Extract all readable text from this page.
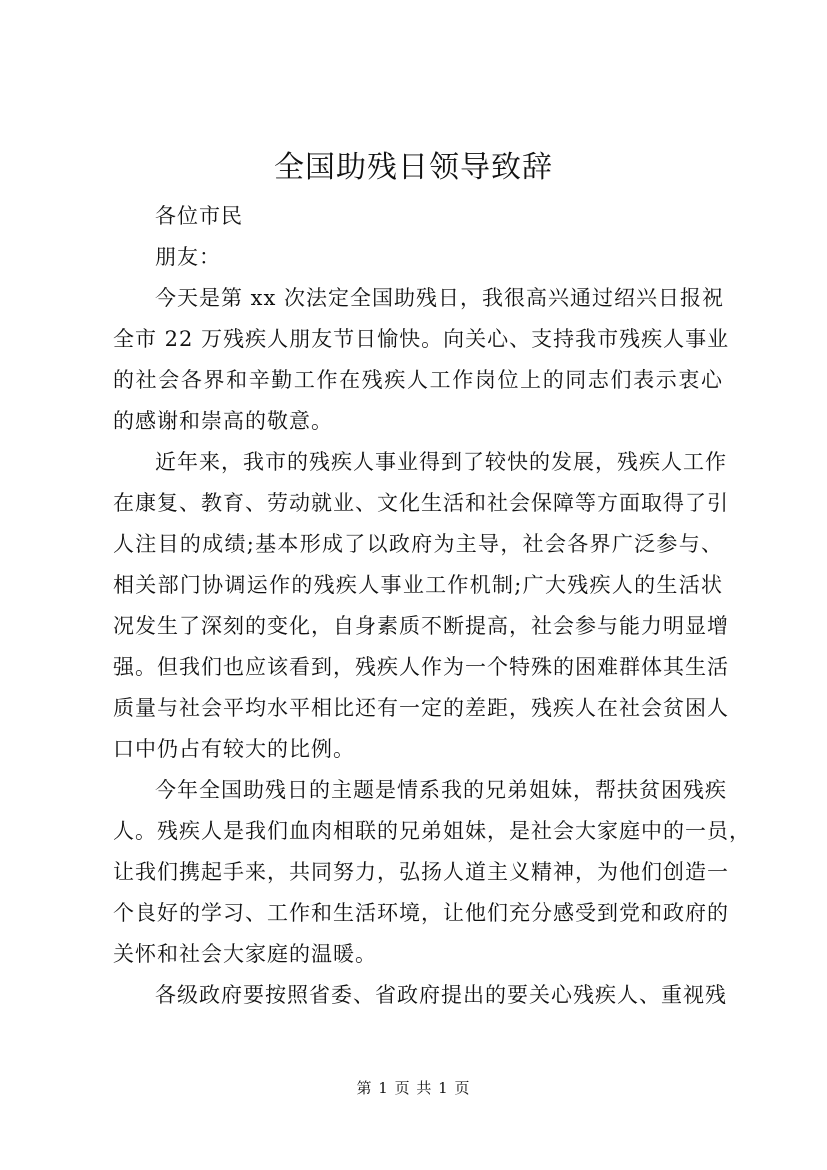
全国助残日领导致辞
各位市民
朋友：
今天是第 xx 次法定全国助残日，我很高兴通过绍兴日报祝
全市 22 万残疾人朋友节日愉快。向关心、支持我市残疾人事业
的社会各界和辛勤工作在残疾人工作岗位上的同志们表示衷心
的感谢和崇高的敬意。
近年来，我市的残疾人事业得到了较快的发展，残疾人工作
在康复、教育、劳动就业、文化生活和社会保障等方面取得了引
人注目的成绩;基本形成了以政府为主导，社会各界广泛参与、
相关部门协调运作的残疾人事业工作机制;广大残疾人的生活状
况发生了深刻的变化，自身素质不断提高，社会参与能力明显增
强。但我们也应该看到，残疾人作为一个特殊的困难群体其生活
质量与社会平均水平相比还有一定的差距，残疾人在社会贫困人
口中仍占有较大的比例。
今年全国助残日的主题是情系我的兄弟姐妹，帮扶贫困残疾
人。残疾人是我们血肉相联的兄弟姐妹，是社会大家庭中的一员，
让我们携起手来，共同努力，弘扬人道主义精神，为他们创造一
个良好的学习、工作和生活环境，让他们充分感受到党和政府的
关怀和社会大家庭的温暖。
各级政府要按照省委、省政府提出的要关心残疾人、重视残
第 1 页 共 1 页
